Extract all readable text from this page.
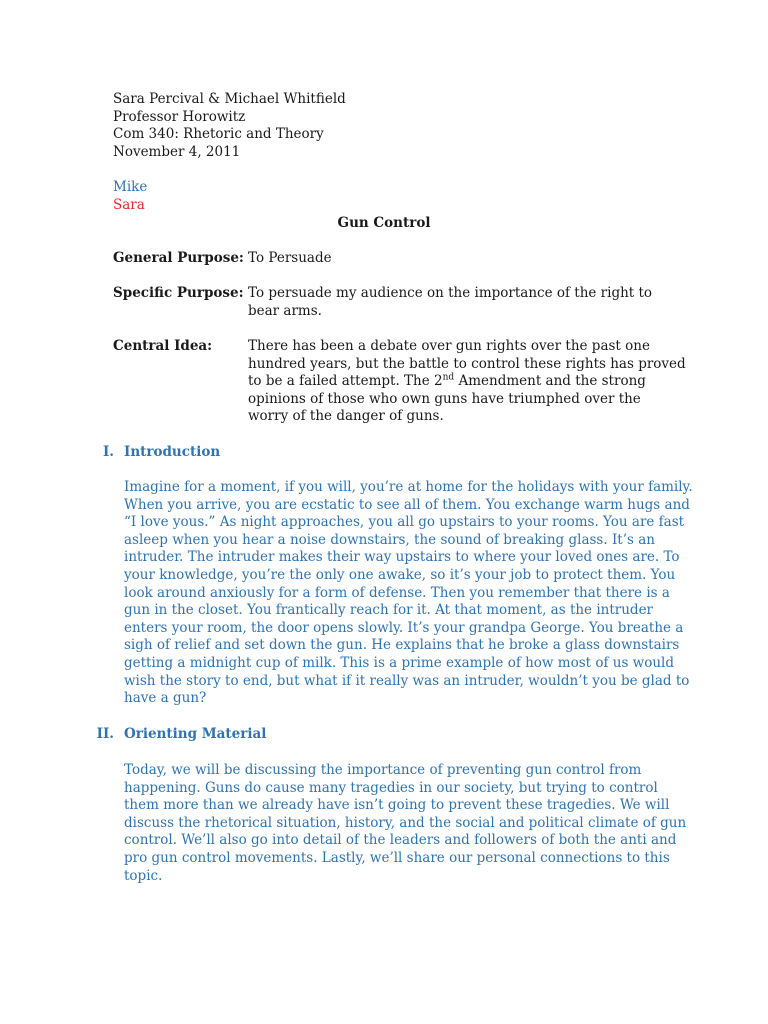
Sara Percival & Michael Whitfield
Professor Horowitz
Com 340: Rhetoric and Theory
November 4, 2011
Mike
Sara
Gun Control
General Purpose: To Persuade

Specific Purpose: To persuade my audience on the importance of the right to

bear arms.

Central Idea:	There has been a debate over gun rights over the past one

hundred years, but the battle to control these rights has proved

to be a failed attempt. The 2nd Amendment and the strong

opinions of those who own guns have triumphed over the

worry of the danger of guns.

I. Introduction

Imagine for a moment, if you will, you’re at home for the holidays with your family.

When you arrive, you are ecstatic to see all of them. You exchange warm hugs and

“I love yous.” As night approaches, you all go upstairs to your rooms. You are fast

asleep when you hear a noise downstairs, the sound of breaking glass. It’s an

intruder. The intruder makes their way upstairs to where your loved ones are. To

your knowledge, you’re the only one awake, so it’s your job to protect them. You

look around anxiously for a form of defense. Then you remember that there is a

gun in the closet. You frantically reach for it. At that moment, as the intruder

enters your room, the door opens slowly. It’s your grandpa George. You breathe a

sigh of relief and set down the gun. He explains that he broke a glass downstairs

getting a midnight cup of milk. This is a prime example of how most of us would

wish the story to end, but what if it really was an intruder, wouldn’t you be glad to

have a gun?

II. Orienting Material

Today, we will be discussing the importance of preventing gun control from

happening. Guns do cause many tragedies in our society, but trying to control

them more than we already have isn’t going to prevent these tragedies. We will

discuss the rhetorical situation, history, and the social and political climate of gun

control. We’ll also go into detail of the leaders and followers of both the anti and

pro gun control movements. Lastly, we’ll share our personal connections to this

topic.
